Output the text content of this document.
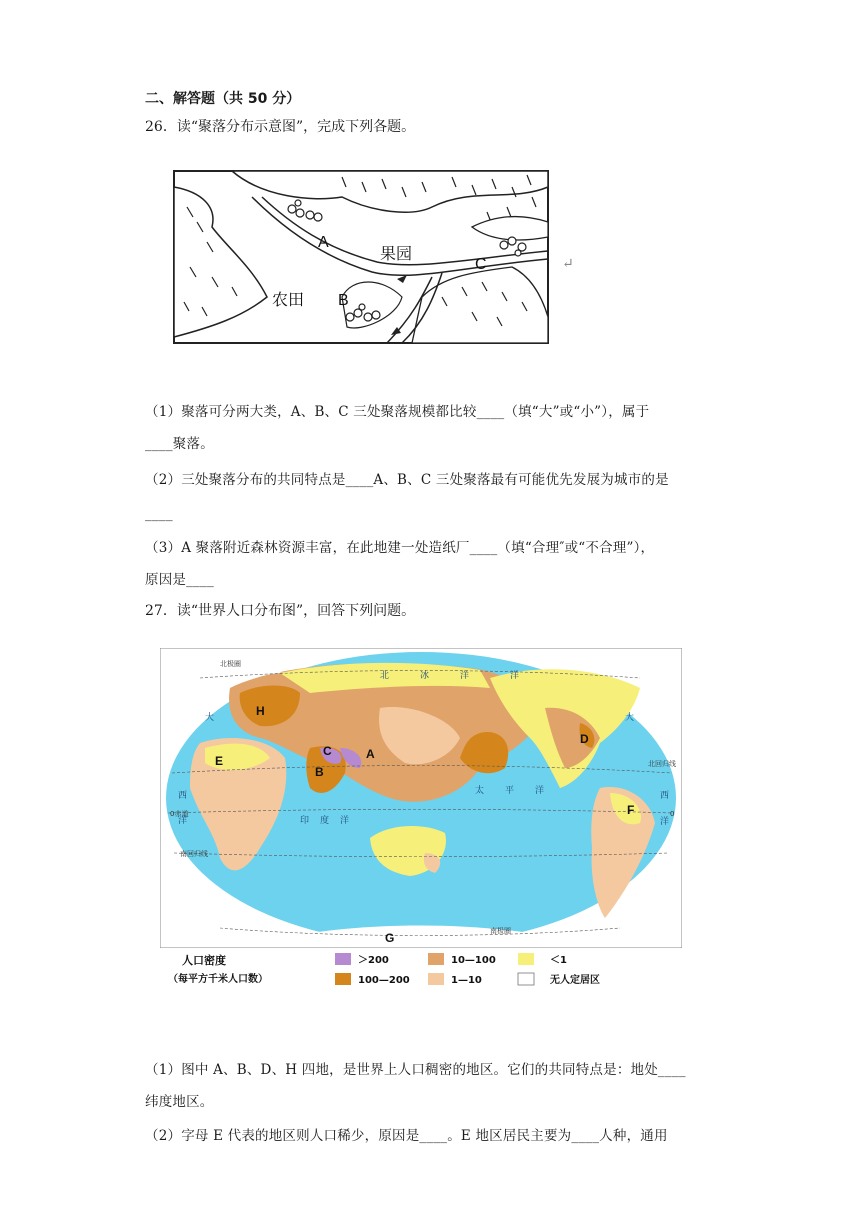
二、解答题（共 50 分）
26．读“聚落分布示意图”，完成下列各题。
A
果园
C
农田 B
↵
（1）聚落可分两大类，A、B、C 三处聚落规模都比较____（填“大”或“小”），属于
____聚落。
（2）三处聚落分布的共同特点是____A、B、C 三处聚落最有可能优先发展为城市的是
____
（3）A 聚落附近森林资源丰富，在此地建一处造纸厂____（填“合理″或“不合理”），
原因是____
27．读“世界人口分布图”，回答下列问题。
北极圈
北回归线
0赤道	0
南回归线
南极圈
北	冰	洋	洋
大	大
西
洋	印 度 洋
太 平 洋	西
洋
A
B
C
D
E
F
G
H
人口密度
（每平方千米人口数）
＞200	10—100	＜1
100—200	1—10	无人定居区
（1）图中 A、B、D、H 四地，是世界上人口稠密的地区。它们的共同特点是：地处____
纬度地区。
（2）字母 E 代表的地区则人口稀少，原因是____。E 地区居民主要为____人种，通用
